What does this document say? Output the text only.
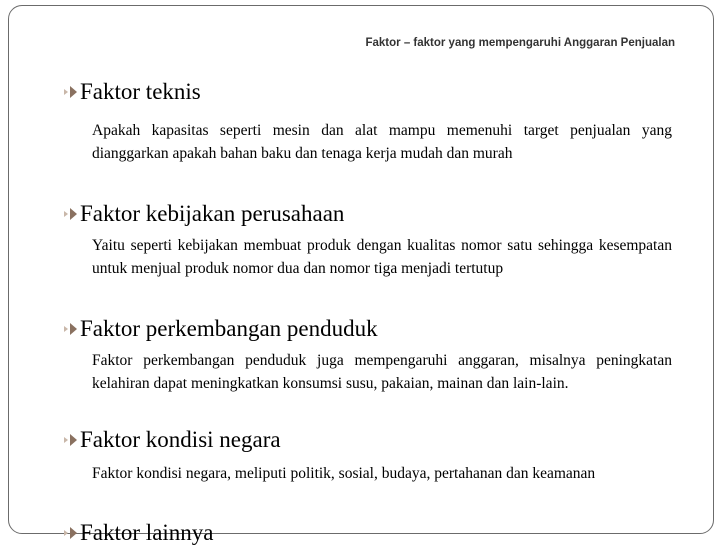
Faktor – faktor yang mempengaruhi Anggaran Penjualan
Faktor teknis
Apakah kapasitas seperti mesin dan alat mampu memenuhi target penjualan yang dianggarkan apakah bahan baku dan tenaga kerja mudah dan murah
Faktor kebijakan perusahaan
Yaitu seperti kebijakan membuat produk dengan kualitas nomor satu sehingga kesempatan untuk menjual produk nomor dua dan nomor tiga menjadi tertutup
Faktor perkembangan penduduk
Faktor perkembangan penduduk juga mempengaruhi anggaran, misalnya peningkatan kelahiran dapat meningkatkan konsumsi susu, pakaian, mainan dan lain-lain.
Faktor kondisi negara
Faktor kondisi negara, meliputi politik, sosial, budaya, pertahanan dan keamanan
Faktor lainnya
